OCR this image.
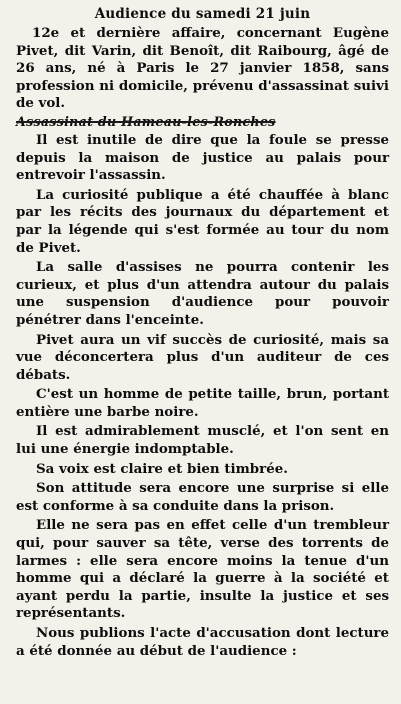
Audience du samedi 21 juin

12e et dernière affaire, concernant Eugène Pivet, dit Varin, dit Benoît, dit Raibourg, âgé de 26 ans, né à Paris le 27 janvier 1858, sans profession ni domicile, prévenu d'assassinat suivi de vol.

Assassinat du Hameau-les-Ronches

Il est inutile de dire que la foule se presse depuis la maison de justice au palais pour entrevoir l'assassin.

La curiosité publique a été chauffée à blanc par les récits des journaux du département et par la légende qui s'est formée au tour du nom de Pivet.

La salle d'assises ne pourra contenir les curieux, et plus d'un attendra autour du palais une suspension d'audience pour pouvoir pénétrer dans l'enceinte.

Pivet aura un vif succès de curiosité, mais sa vue déconcertera plus d'un auditeur de ces débats.

C'est un homme de petite taille, brun, portant entière une barbe noire.

Il est admirablement musclé, et l'on sent en lui une énergie indomptable.

Sa voix est claire et bien timbrée.

Son attitude sera encore une surprise si elle est conforme à sa conduite dans la prison.

Elle ne sera pas en effet celle d'un trembleur qui, pour sauver sa tête, verse des torrents de larmes : elle sera encore moins la tenue d'un homme qui a déclaré la guerre à la société et ayant perdu la partie, insulte la justice et ses représentants.

Nous publions l'acte d'accusation dont lecture a été donnée au début de l'audience :
